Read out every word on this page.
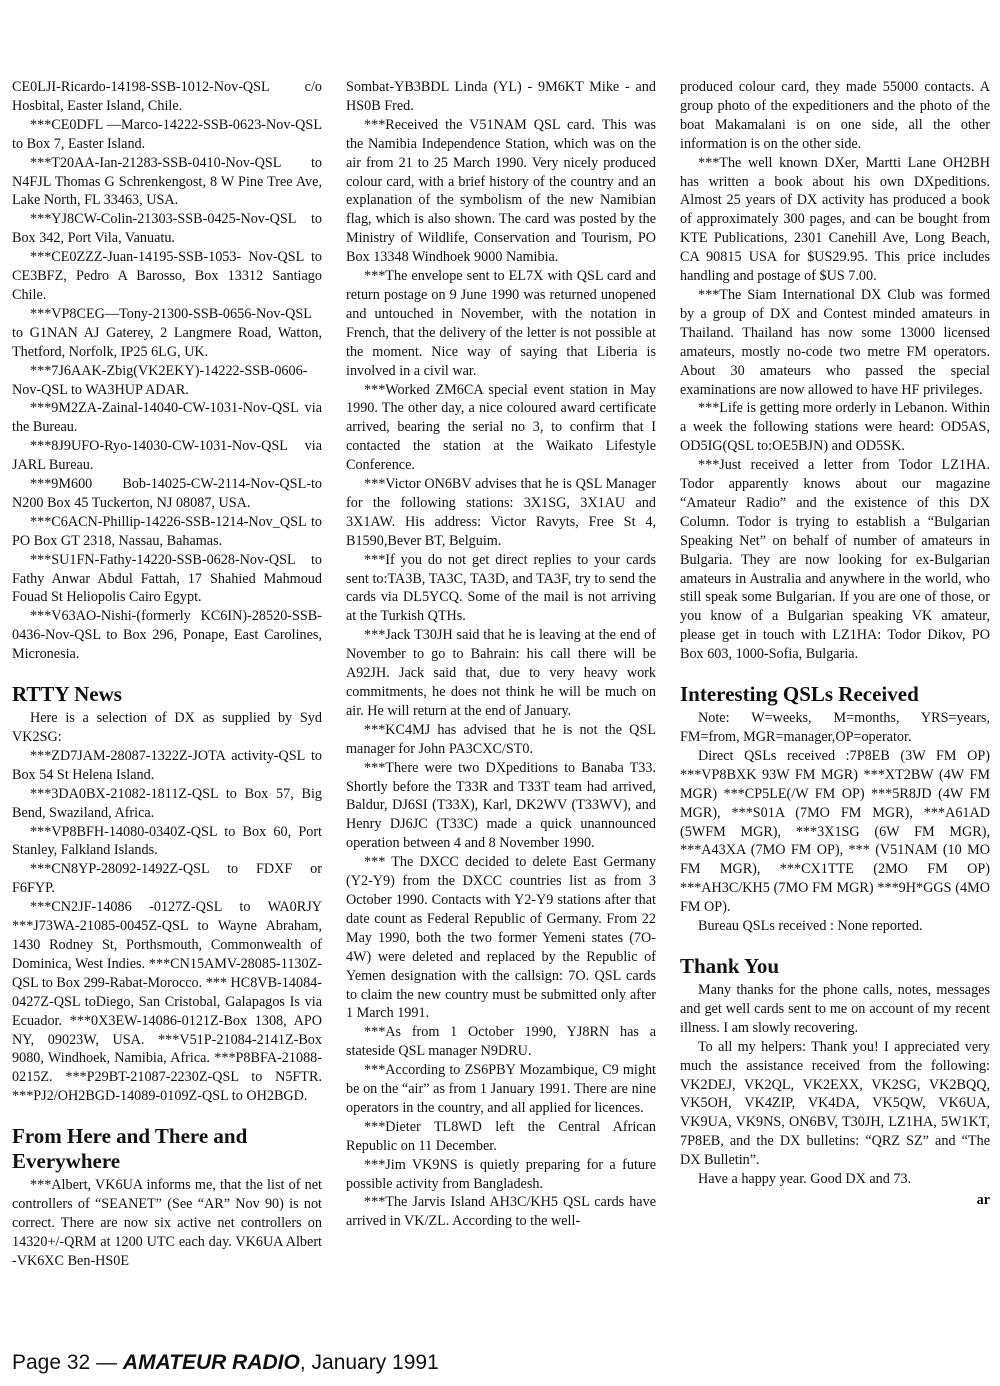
CE0LJI-Ricardo-14198-SSB-1012-Nov-QSL c/o Hosbital, Easter Island, Chile.

***CE0DFL —Marco-14222-SSB-0623-Nov-QSL to Box 7, Easter Island.

***T20AA-Ian-21283-SSB-0410-Nov-QSL to N4FJL Thomas G Schrenkengost, 8 W Pine Tree Ave, Lake North, FL 33463, USA.

***YJ8CW-Colin-21303-SSB-0425-Nov-QSL to Box 342, Port Vila, Vanuatu.

***CE0ZZZ-Juan-14195-SSB-1053- Nov-QSL to CE3BFZ, Pedro A Barosso, Box 13312 Santiago Chile.

***VP8CEG—Tony-21300-SSB-0656-Nov-QSL to G1NAN AJ Gaterey, 2 Langmere Road, Watton, Thetford, Norfolk, IP25 6LG, UK.

***7J6AAK-Zbig(VK2EKY)-14222-SSB-0606-Nov-QSL to WA3HUP ADAR.

***9M2ZA-Zainal-14040-CW-1031-Nov-QSL via the Bureau.

***8J9UFO-Ryo-14030-CW-1031-Nov-QSL via JARL Bureau.

***9M600 Bob-14025-CW-2114-Nov-QSL-to N200 Box 45 Tuckerton, NJ 08087, USA.

***C6ACN-Phillip-14226-SSB-1214-Nov_QSL to PO Box GT 2318, Nassau, Bahamas.

***SU1FN-Fathy-14220-SSB-0628-Nov-QSL to Fathy Anwar Abdul Fattah, 17 Shahied Mahmoud Fouad St Heliopolis Cairo Egypt.

***V63AO-Nishi-(formerly KC6IN)-28520-SSB-0436-Nov-QSL to Box 296, Ponape, East Carolines, Micronesia.

RTTY News

Here is a selection of DX as supplied by Syd VK2SG:

***ZD7JAM-28087-1322Z-JOTA activity-QSL to Box 54 St Helena Island.

***3DA0BX-21082-1811Z-QSL to Box 57, Big Bend, Swaziland, Africa.

***VP8BFH-14080-0340Z-QSL to Box 60, Port Stanley, Falkland Islands.

***CN8YP-28092-1492Z-QSL to FDXF or F6FYP.

***CN2JF-14086 -0127Z-QSL to WA0RJY ***J73WA-21085-0045Z-QSL to Wayne Abraham, 1430 Rodney St, Porthsmouth, Commonwealth of Dominica, West Indies. ***CN15AMV-28085-1130Z-QSL to Box 299-Rabat-Morocco. *** HC8VB-14084-0427Z-QSL toDiego, San Cristobal, Galapagos Is via Ecuador. ***0X3EW-14086-0121Z-Box 1308, APO NY, 09023W, USA. ***V51P-21084-2141Z-Box 9080, Windhoek, Namibia, Africa. ***P8BFA-21088-0215Z. ***P29BT-21087-2230Z-QSL to N5FTR. ***PJ2/OH2BGD-14089-0109Z-QSL to OH2BGD.

From Here and There and Everywhere

***Albert, VK6UA informs me, that the list of net controllers of “SEANET” (See “AR” Nov 90) is not correct. There are now six active net controllers on 14320+/-QRM at 1200 UTC each day. VK6UA Albert -VK6XC Ben-HS0E

Sombat-YB3BDL Linda (YL) - 9M6KT Mike - and HS0B Fred.

***Received the V51NAM QSL card. This was the Namibia Independence Station, which was on the air from 21 to 25 March 1990. Very nicely produced colour card, with a brief history of the country and an explanation of the symbolism of the new Namibian flag, which is also shown. The card was posted by the Ministry of Wildlife, Conservation and Tourism, PO Box 13348 Windhoek 9000 Namibia.

***The envelope sent to EL7X with QSL card and return postage on 9 June 1990 was returned unopened and untouched in November, with the notation in French, that the delivery of the letter is not possible at the moment. Nice way of saying that Liberia is involved in a civil war.

***Worked ZM6CA special event station in May 1990. The other day, a nice coloured award certificate arrived, bearing the serial no 3, to confirm that I contacted the station at the Waikato Lifestyle Conference.

***Victor ON6BV advises that he is QSL Manager for the following stations: 3X1SG, 3X1AU and 3X1AW. His address: Victor Ravyts, Free St 4, B1590,Bever BT, Belguim.

***If you do not get direct replies to your cards sent to:TA3B, TA3C, TA3D, and TA3F, try to send the cards via DL5YCQ. Some of the mail is not arriving at the Turkish QTHs.

***Jack T30JH said that he is leaving at the end of November to go to Bahrain: his call there will be A92JH. Jack said that, due to very heavy work commitments, he does not think he will be much on air. He will return at the end of January.

***KC4MJ has advised that he is not the QSL manager for John PA3CXC/ST0.

***There were two DXpeditions to Banaba T33. Shortly before the T33R and T33T team had arrived, Baldur, DJ6SI (T33X), Karl, DK2WV (T33WV), and Henry DJ6JC (T33C) made a quick unannounced operation between 4 and 8 November 1990.

*** The DXCC decided to delete East Germany (Y2-Y9) from the DXCC countries list as from 3 October 1990. Contacts with Y2-Y9 stations after that date count as Federal Republic of Germany. From 22 May 1990, both the two former Yemeni states (7O-4W) were deleted and replaced by the Republic of Yemen designation with the callsign: 7O. QSL cards to claim the new country must be submitted only after 1 March 1991.

***As from 1 October 1990, YJ8RN has a stateside QSL manager N9DRU.

***According to ZS6PBY Mozambique, C9 might be on the “air” as from 1 January 1991. There are nine operators in the country, and all applied for licences.

***Dieter TL8WD left the Central African Republic on 11 December.

***Jim VK9NS is quietly preparing for a future possible activity from Bangladesh.

***The Jarvis Island AH3C/KH5 QSL cards have arrived in VK/ZL. According to the well-

produced colour card, they made 55000 contacts. A group photo of the expeditioners and the photo of the boat Makamalani is on one side, all the other information is on the other side.

***The well known DXer, Martti Lane OH2BH has written a book about his own DXpeditions. Almost 25 years of DX activity has produced a book of approximately 300 pages, and can be bought from KTE Publications, 2301 Canehill Ave, Long Beach, CA 90815 USA for $US29.95. This price includes handling and postage of $US 7.00.

***The Siam International DX Club was formed by a group of DX and Contest minded amateurs in Thailand. Thailand has now some 13000 licensed amateurs, mostly no-code two metre FM operators. About 30 amateurs who passed the special examinations are now allowed to have HF privileges.

***Life is getting more orderly in Lebanon. Within a week the following stations were heard: OD5AS, OD5IG(QSL to:OE5BJN) and OD5SK.

***Just received a letter from Todor LZ1HA. Todor apparently knows about our magazine “Amateur Radio” and the existence of this DX Column. Todor is trying to establish a “Bulgarian Speaking Net” on behalf of number of amateurs in Bulgaria. They are now looking for ex-Bulgarian amateurs in Australia and anywhere in the world, who still speak some Bulgarian. If you are one of those, or you know of a Bulgarian speaking VK amateur, please get in touch with LZ1HA: Todor Dikov, PO Box 603, 1000-Sofia, Bulgaria.

Interesting QSLs Received

Note: W=weeks, M=months, YRS=years, FM=from, MGR=manager,OP=operator.

Direct QSLs received :7P8EB (3W FM OP) ***VP8BXK 93W FM MGR) ***XT2BW (4W FM MGR) ***CP5LE(/W FM OP) ***5R8JD (4W FM MGR), ***S01A (7MO FM MGR), ***A61AD (5WFM MGR), ***3X1SG (6W FM MGR), ***A43XA (7MO FM OP), *** (V51NAM (10 MO FM MGR), ***CX1TTE (2MO FM OP) ***AH3C/KH5 (7MO FM MGR) ***9H*GGS (4MO FM OP).

Bureau QSLs received : None reported.

Thank You

Many thanks for the phone calls, notes, messages and get well cards sent to me on account of my recent illness. I am slowly recovering.

To all my helpers: Thank you! I appreciated very much the assistance received from the following: VK2DEJ, VK2QL, VK2EXX, VK2SG, VK2BQQ, VK5OH, VK4ZIP, VK4DA, VK5QW, VK6UA, VK9UA, VK9NS, ON6BV, T30JH, LZ1HA, 5W1KT, 7P8EB, and the DX bulletins: “QRZ SZ” and “The DX Bulletin”.

Have a happy year. Good DX and 73.

ar

Page 32 — AMATEUR RADIO, January 1991
